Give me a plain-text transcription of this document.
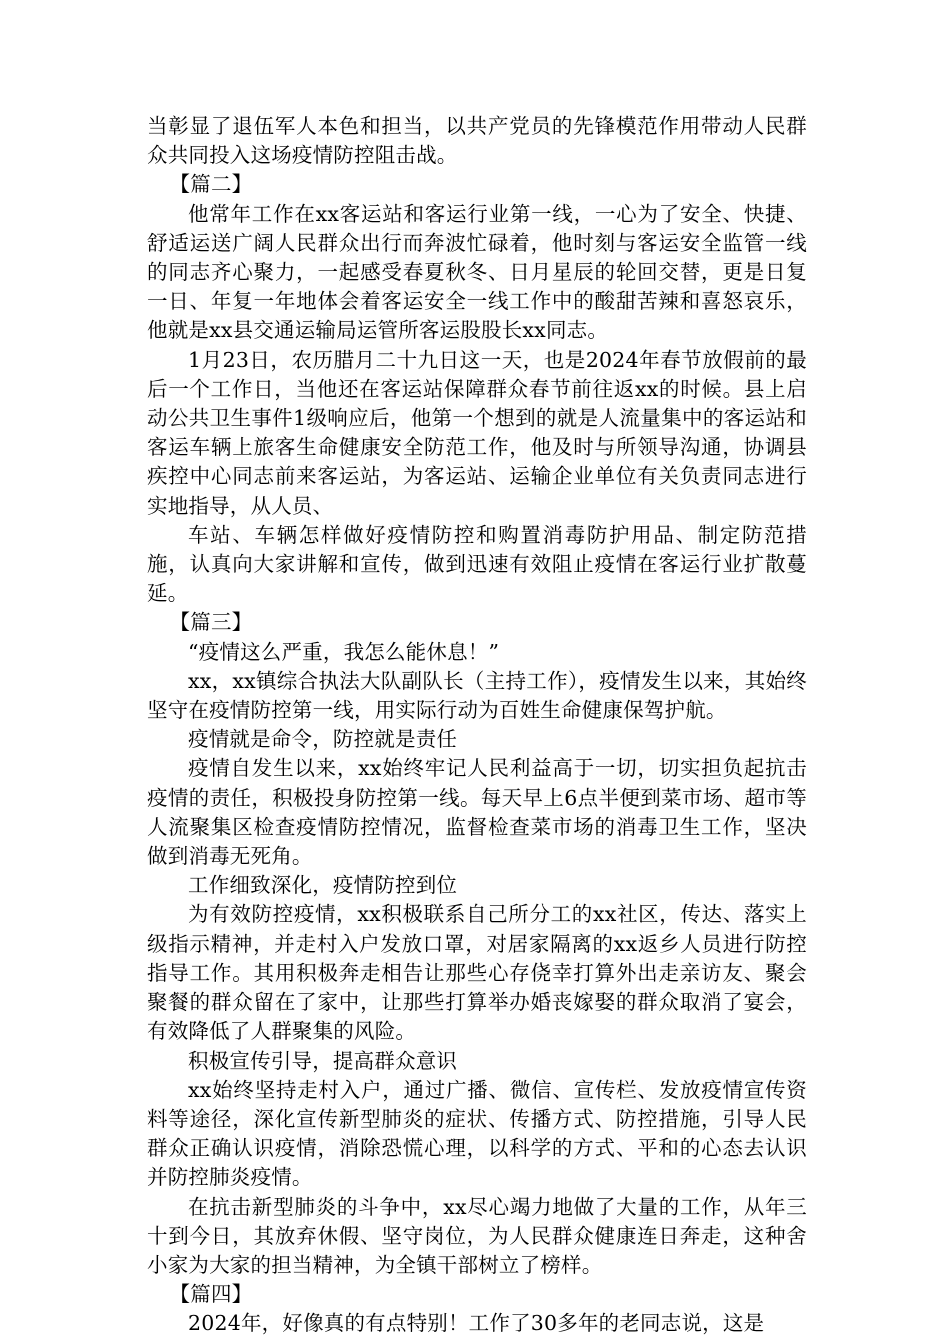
当彰显了退伍军人本色和担当，以共产党员的先锋模范作用带动人民群众共同投入这场疫情防控阻击战。

【篇二】

他常年工作在xx客运站和客运行业第一线，一心为了安全、快捷、舒适运送广阔人民群众出行而奔波忙碌着，他时刻与客运安全监管一线的同志齐心聚力，一起感受春夏秋冬、日月星辰的轮回交替，更是日复一日、年复一年地体会着客运安全一线工作中的酸甜苦辣和喜怒哀乐，他就是xx县交通运输局运管所客运股股长xx同志。

1月23日，农历腊月二十九日这一天，也是2024年春节放假前的最后一个工作日，当他还在客运站保障群众春节前往返xx的时候。县上启动公共卫生事件1级响应后，他第一个想到的就是人流量集中的客运站和客运车辆上旅客生命健康安全防范工作，他及时与所领导沟通，协调县疾控中心同志前来客运站，为客运站、运输企业单位有关负责同志进行实地指导，从人员、

车站、车辆怎样做好疫情防控和购置消毒防护用品、制定防范措施，认真向大家讲解和宣传，做到迅速有效阻止疫情在客运行业扩散蔓延。

【篇三】

“疫情这么严重，我怎么能休息！”

xx，xx镇综合执法大队副队长（主持工作），疫情发生以来，其始终坚守在疫情防控第一线，用实际行动为百姓生命健康保驾护航。

疫情就是命令，防控就是责任

疫情自发生以来，xx始终牢记人民利益高于一切，切实担负起抗击疫情的责任，积极投身防控第一线。每天早上6点半便到菜市场、超市等人流聚集区检查疫情防控情况，监督检查菜市场的消毒卫生工作，坚决做到消毒无死角。

工作细致深化，疫情防控到位

为有效防控疫情，xx积极联系自己所分工的xx社区，传达、落实上级指示精神，并走村入户发放口罩，对居家隔离的xx返乡人员进行防控指导工作。其用积极奔走相告让那些心存侥幸打算外出走亲访友、聚会聚餐的群众留在了家中，让那些打算举办婚丧嫁娶的群众取消了宴会，有效降低了人群聚集的风险。

积极宣传引导，提高群众意识

xx始终坚持走村入户，通过广播、微信、宣传栏、发放疫情宣传资料等途径，深化宣传新型肺炎的症状、传播方式、防控措施，引导人民群众正确认识疫情，消除恐慌心理，以科学的方式、平和的心态去认识并防控肺炎疫情。

在抗击新型肺炎的斗争中，xx尽心竭力地做了大量的工作，从年三十到今日，其放弃休假、坚守岗位，为人民群众健康连日奔走，这种舍小家为大家的担当精神，为全镇干部树立了榜样。

【篇四】

2024年，好像真的有点特别！工作了30多年的老同志说，这是
